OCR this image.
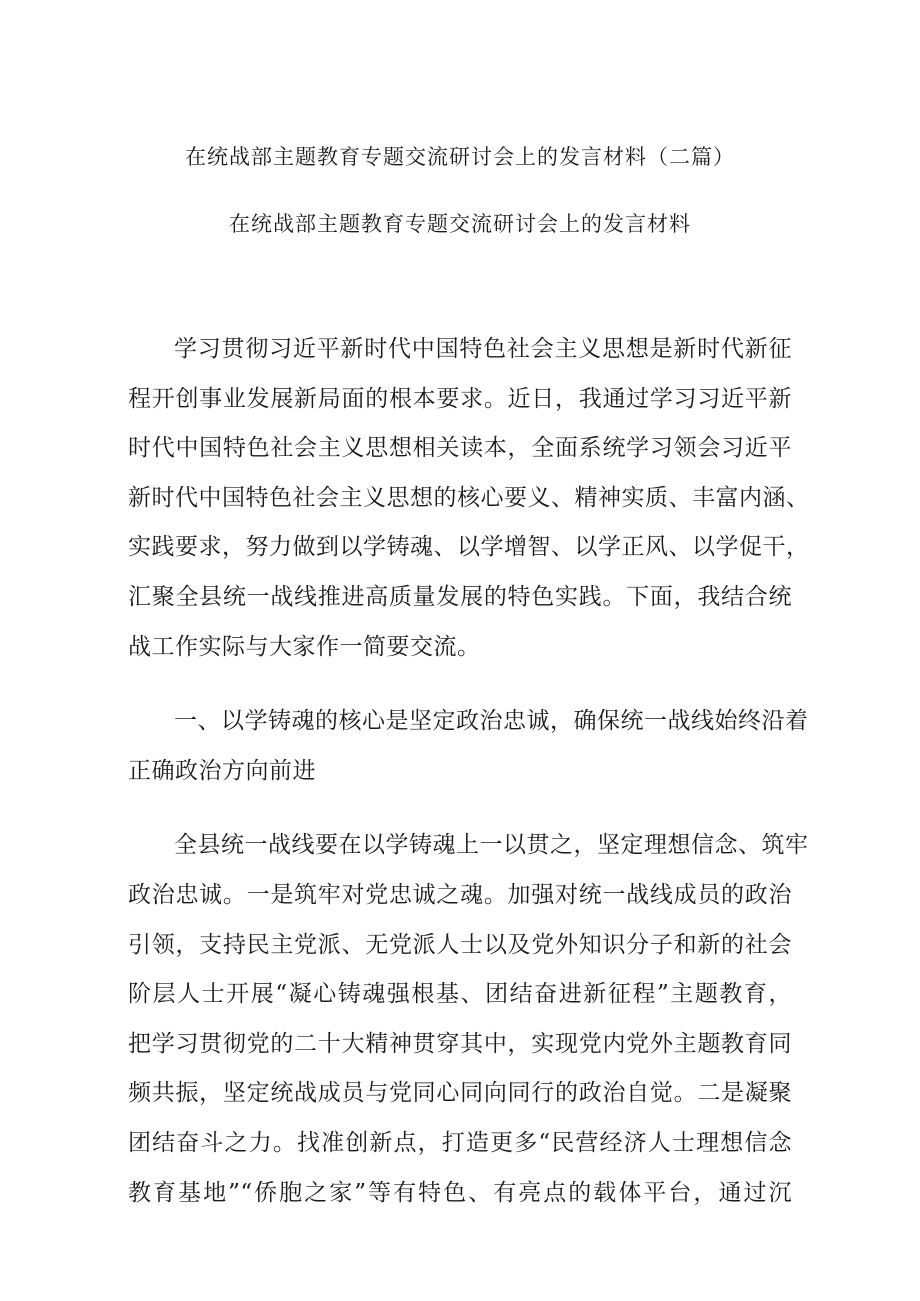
在统战部主题教育专题交流研讨会上的发言材料（二篇）
在统战部主题教育专题交流研讨会上的发言材料

学习贯彻习近平新时代中国特色社会主义思想是新时代新征
程开创事业发展新局面的根本要求。近日，我通过学习习近平新
时代中国特色社会主义思想相关读本，全面系统学习领会习近平
新时代中国特色社会主义思想的核心要义、精神实质、丰富内涵、
实践要求，努力做到以学铸魂、以学增智、以学正风、以学促干，
汇聚全县统一战线推进高质量发展的特色实践。下面，我结合统
战工作实际与大家作一简要交流。

一、以学铸魂的核心是坚定政治忠诚，确保统一战线始终沿着
正确政治方向前进

全县统一战线要在以学铸魂上一以贯之，坚定理想信念、筑牢
政治忠诚。一是筑牢对党忠诚之魂。加强对统一战线成员的政治
引领，支持民主党派、无党派人士以及党外知识分子和新的社会
阶层人士开展“凝心铸魂强根基、团结奋进新征程”主题教育，
把学习贯彻党的二十大精神贯穿其中，实现党内党外主题教育同
频共振，坚定统战成员与党同心同向同行的政治自觉。二是凝聚
团结奋斗之力。找准创新点，打造更多“民营经济人士理想信念
教育基地”“侨胞之家”等有特色、有亮点的载体平台，通过沉
